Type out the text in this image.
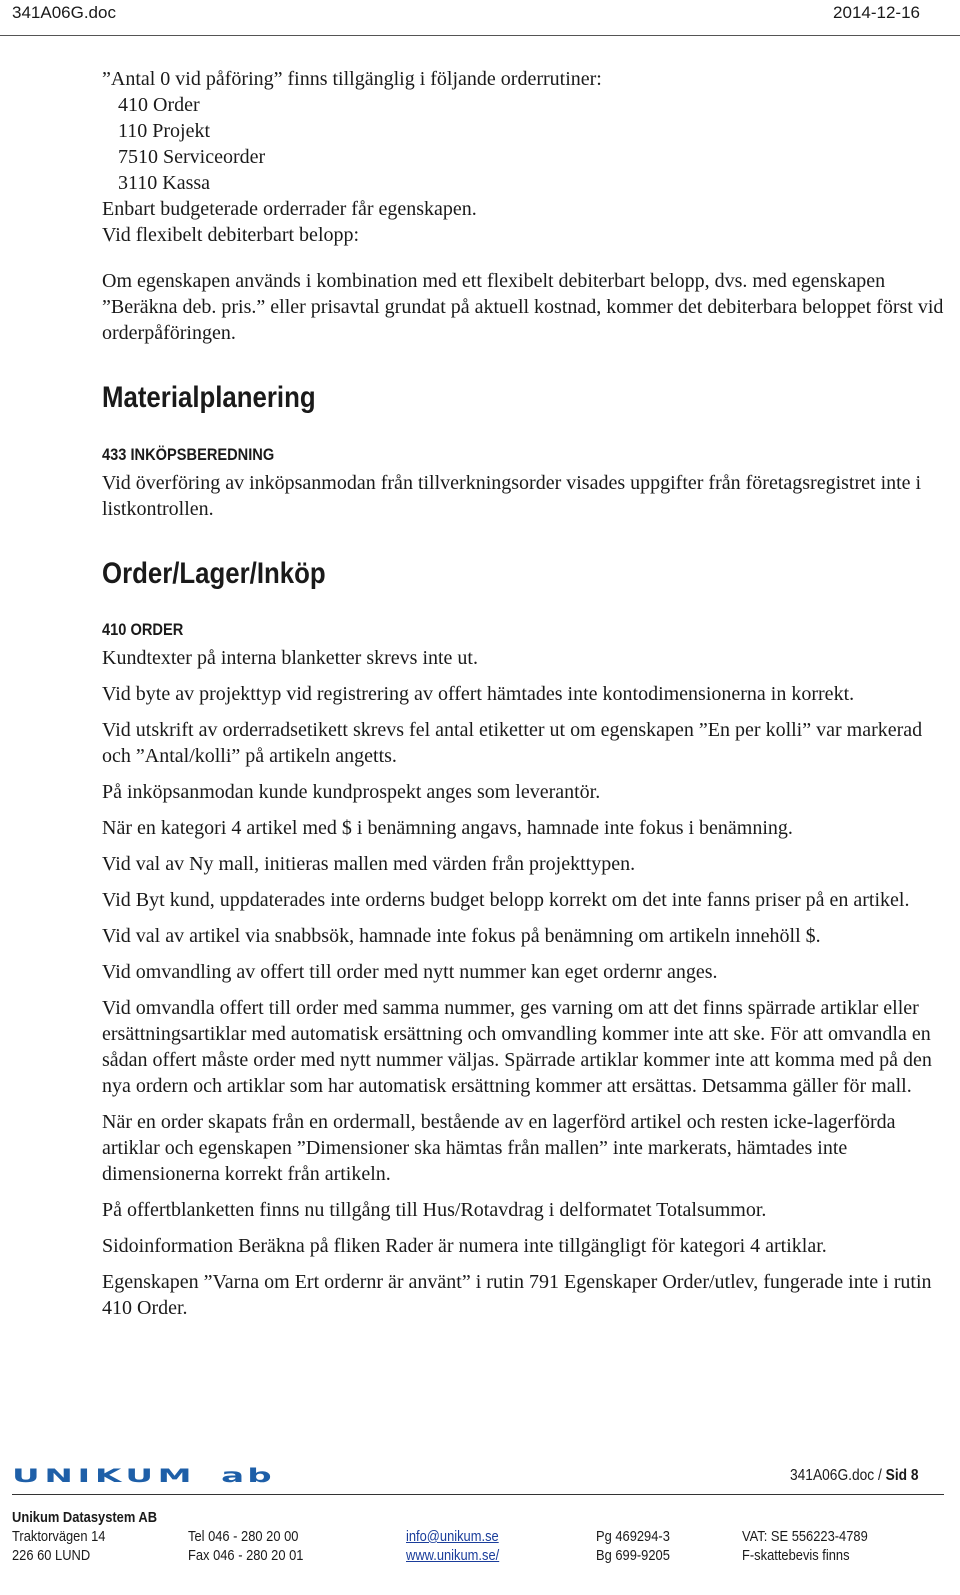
341A06G.doc	2014-12-16
”Antal 0 vid påföring” finns tillgänglig i följande orderrutiner:
410 Order
110 Projekt
7510 Serviceorder
3110 Kassa
Enbart budgeterade orderrader får egenskapen.
Vid flexibelt debiterbart belopp:

Om egenskapen används i kombination med ett flexibelt debiterbart belopp, dvs. med egenskapen ”Beräkna deb. pris.” eller prisavtal grundat på aktuell kostnad, kommer det debiterbara beloppet först vid orderpåföringen.

Materialplanering
433 INKÖPSBEREDNING

Vid överföring av inköpsanmodan från tillverkningsorder visades uppgifter från företagsregistret inte i listkontrollen.

Order/Lager/Inköp
410 ORDER

Kundtexter på interna blanketter skrevs inte ut.

Vid byte av projekttyp vid registrering av offert hämtades inte kontodimensionerna in korrekt.

Vid utskrift av orderradsetikett skrevs fel antal etiketter ut om egenskapen ”En per kolli” var markerad och ”Antal/kolli” på artikeln angetts.

På inköpsanmodan kunde kundprospekt anges som leverantör.

När en kategori 4 artikel med $ i benämning angavs, hamnade inte fokus i benämning.

Vid val av Ny mall, initieras mallen med värden från projekttypen.

Vid Byt kund, uppdaterades inte orderns budget belopp korrekt om det inte fanns priser på en artikel.

Vid val av artikel via snabbsök, hamnade inte fokus på benämning om artikeln innehöll $.

Vid omvandling av offert till order med nytt nummer kan eget ordernr anges.

Vid omvandla offert till order med samma nummer, ges varning om att det finns spärrade artiklar eller ersättningsartiklar med automatisk ersättning och omvandling kommer inte att ske. För att omvandla en sådan offert måste order med nytt nummer väljas. Spärrade artiklar kommer inte att komma med på den nya ordern och artiklar som har automatisk ersättning kommer att ersättas. Detsamma gäller för mall.

När en order skapats från en ordermall, bestående av en lagerförd artikel och resten icke-lagerförda artiklar och egenskapen ”Dimensioner ska hämtas från mallen” inte markerats, hämtades inte dimensionerna korrekt från artikeln.

På offertblanketten finns nu tillgång till Hus/Rotavdrag i delformatet Totalsummor.

Sidoinformation Beräkna på fliken Rader är numera inte tillgängligt för kategori 4 artiklar.

Egenskapen ”Varna om Ert ordernr är använt” i rutin 791 Egenskaper Order/utlev, fungerade inte i rutin 410 Order.

UNIKUM ab	341A06G.doc / Sid 8
Unikum Datasystem AB
Traktorvägen 14
226 60 LUND
Tel 046 - 280 20 00
Fax 046 - 280 20 01
info@unikum.se
www.unikum.se/
Pg 469294-3
Bg 699-9205
VAT: SE 556223-4789
F-skattebevis finns
